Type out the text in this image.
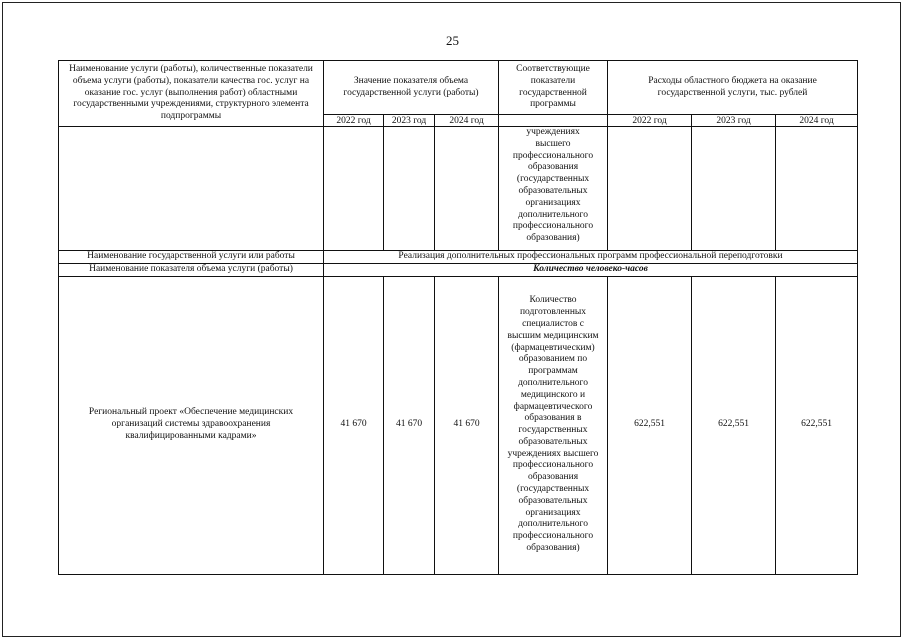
25
Наименование услуги (работы), количественные показатели объема услуги (работы), показатели качества гос. услуг на оказание гос. услуг (выполнения работ) областными государственными учреждениями, структурного элемента подпрограммы	Значение показателя объема государственной услуги (работы)			Соответствующие показатели государственной программы	Расходы областного бюджета на оказание государственной услуги, тыс. рублей		

	2022 год	2023 год	2024 год		2022 год	2023 год	2024 год

				учреждениях высшего профессионального образования (государственных образовательных организациях дополнительного профессионального образования)			

Наименование государственной услуги или работы	Реализация дополнительных профессиональных программ профессиональной переподготовки						
Наименование показателя объема услуги (работы)	Количество человеко-часов						

Региональный проект «Обеспечение медицинских организаций системы здравоохранения квалифицированными кадрами»	41 670	41 670	41 670	Количество подготовленных специалистов с высшим медицинским (фармацевтическим) образованием по программам дополнительного медицинского и фармацевтического образования в государственных образовательных учреждениях высшего профессионального образования (государственных образовательных организациях дополнительного профессионального образования)	622,551	622,551	622,551
